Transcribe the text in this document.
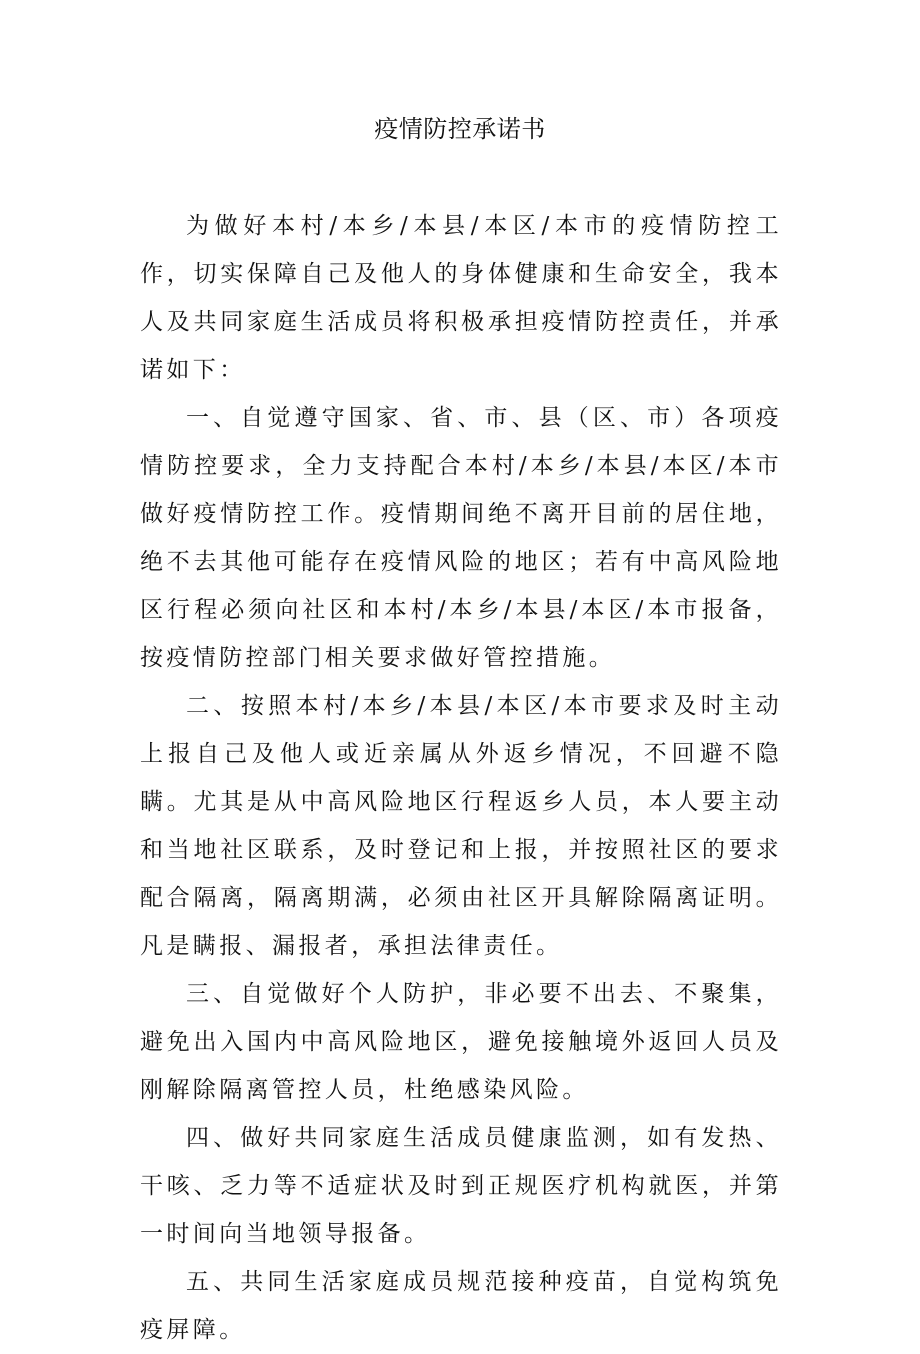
疫情防控承诺书

为做好本村/本乡/本县/本区/本市的疫情防控工作，切实保障自己及他人的身体健康和生命安全，我本人及共同家庭生活成员将积极承担疫情防控责任，并承诺如下：

一、自觉遵守国家、省、市、县（区、市）各项疫情防控要求，全力支持配合本村/本乡/本县/本区/本市做好疫情防控工作。疫情期间绝不离开目前的居住地，绝不去其他可能存在疫情风险的地区；若有中高风险地区行程必须向社区和本村/本乡/本县/本区/本市报备，按疫情防控部门相关要求做好管控措施。

二、按照本村/本乡/本县/本区/本市要求及时主动上报自己及他人或近亲属从外返乡情况，不回避不隐瞒。尤其是从中高风险地区行程返乡人员，本人要主动和当地社区联系，及时登记和上报，并按照社区的要求配合隔离，隔离期满，必须由社区开具解除隔离证明。凡是瞒报、漏报者，承担法律责任。

三、自觉做好个人防护，非必要不出去、不聚集，避免出入国内中高风险地区，避免接触境外返回人员及刚解除隔离管控人员，杜绝感染风险。

四、做好共同家庭生活成员健康监测，如有发热、干咳、乏力等不适症状及时到正规医疗机构就医，并第一时间向当地领导报备。

五、共同生活家庭成员规范接种疫苗，自觉构筑免疫屏障。
